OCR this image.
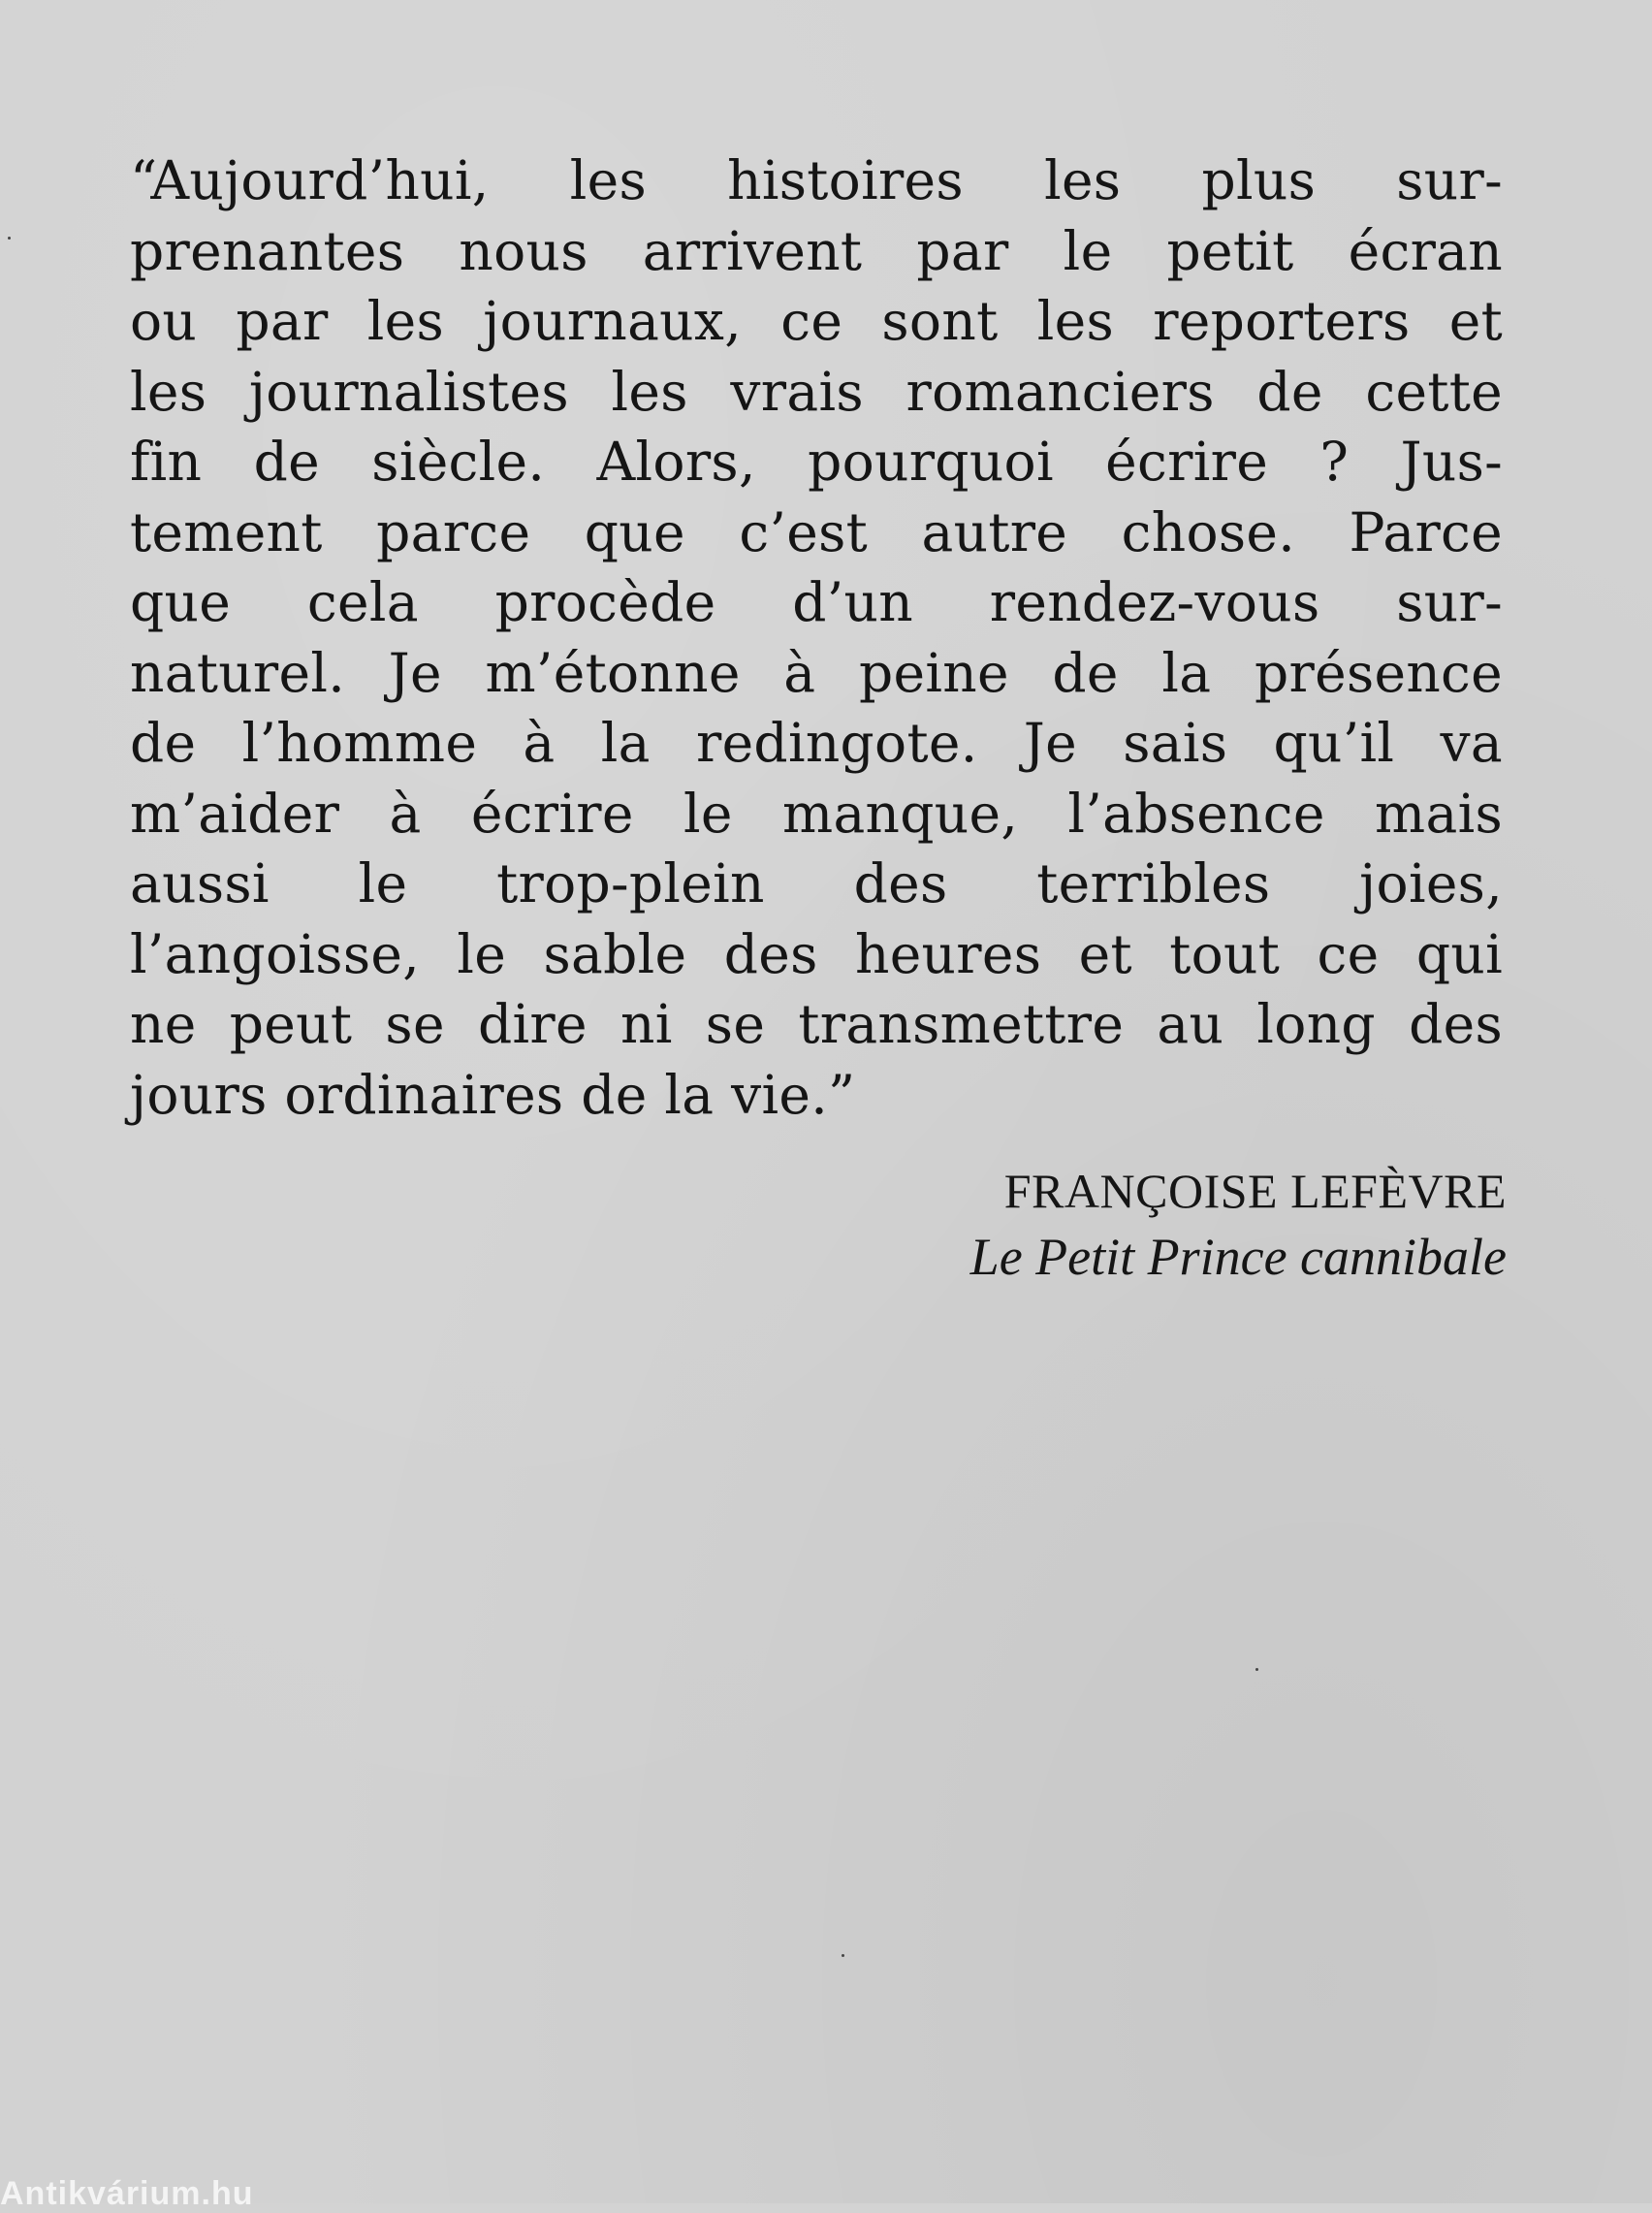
“Aujourd’hui, les histoires les plus sur-
prenantes nous arrivent par le petit écran
ou par les journaux, ce sont les reporters et
les journalistes les vrais romanciers de cette
fin de siècle. Alors, pourquoi écrire ? Jus-
tement parce que c’est autre chose. Parce
que cela procède d’un rendez-vous sur-
naturel. Je m’étonne à peine de la présence
de l’homme à la redingote. Je sais qu’il va
m’aider à écrire le manque, l’absence mais
aussi le trop-plein des terribles joies,
l’angoisse, le sable des heures et tout ce qui
ne peut se dire ni se transmettre au long des
jours ordinaires de la vie.”
FRANÇOISE LEFÈVRE
Le Petit Prince cannibale
Antikvárium.hu
